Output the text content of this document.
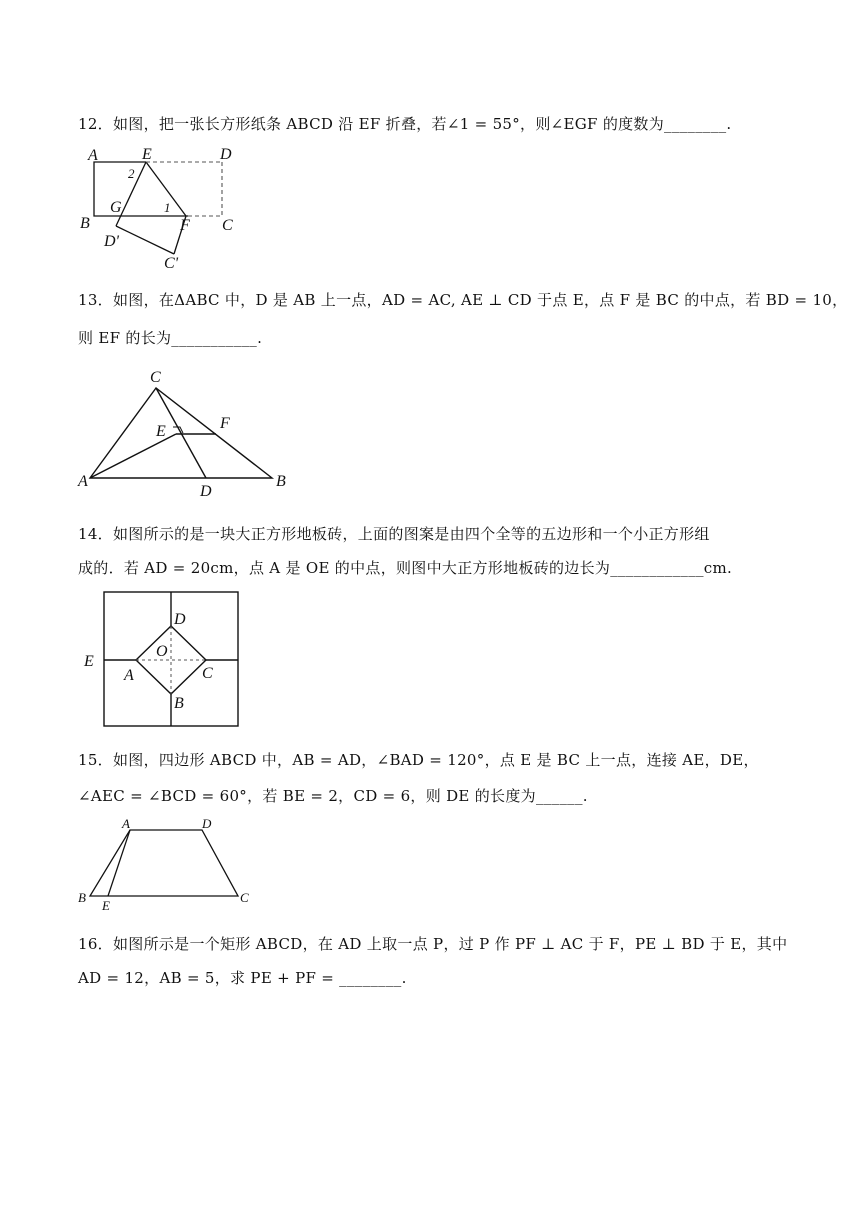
12．如图，把一张长方形纸条 ABCD 沿 EF 折叠，若∠1 = 55°，则∠EGF 的度数为________.
A	E	D
2
G	1
B	F C
D'
C'
13．如图，在ΔABC 中，D 是 AB 上一点，AD = AC, AE ⊥ CD 于点 E，点 F 是 BC 的中点，若 BD = 10，
则 EF 的长为___________.
C
E	F
A
D
B
14．如图所示的是一块大正方形地板砖，上面的图案是由四个全等的五边形和一个小正方形组
成的．若 AD = 20cm，点 A 是 OE 的中点，则图中大正方形地板砖的边长为____________cm.
D
E
O
A	C
B
15．如图，四边形 ABCD 中，AB = AD，∠BAD = 120°，点 E 是 BC 上一点，连接 AE，DE，
∠AEC = ∠BCD = 60°，若 BE = 2，CD = 6，则 DE 的长度为______.
A	D
B
E
C
16．如图所示是一个矩形 ABCD，在 AD 上取一点 P，过 P 作 PF ⊥ AC 于 F，PE ⊥ BD 于 E，其中
AD = 12，AB = 5，求 PE + PF = ________.
